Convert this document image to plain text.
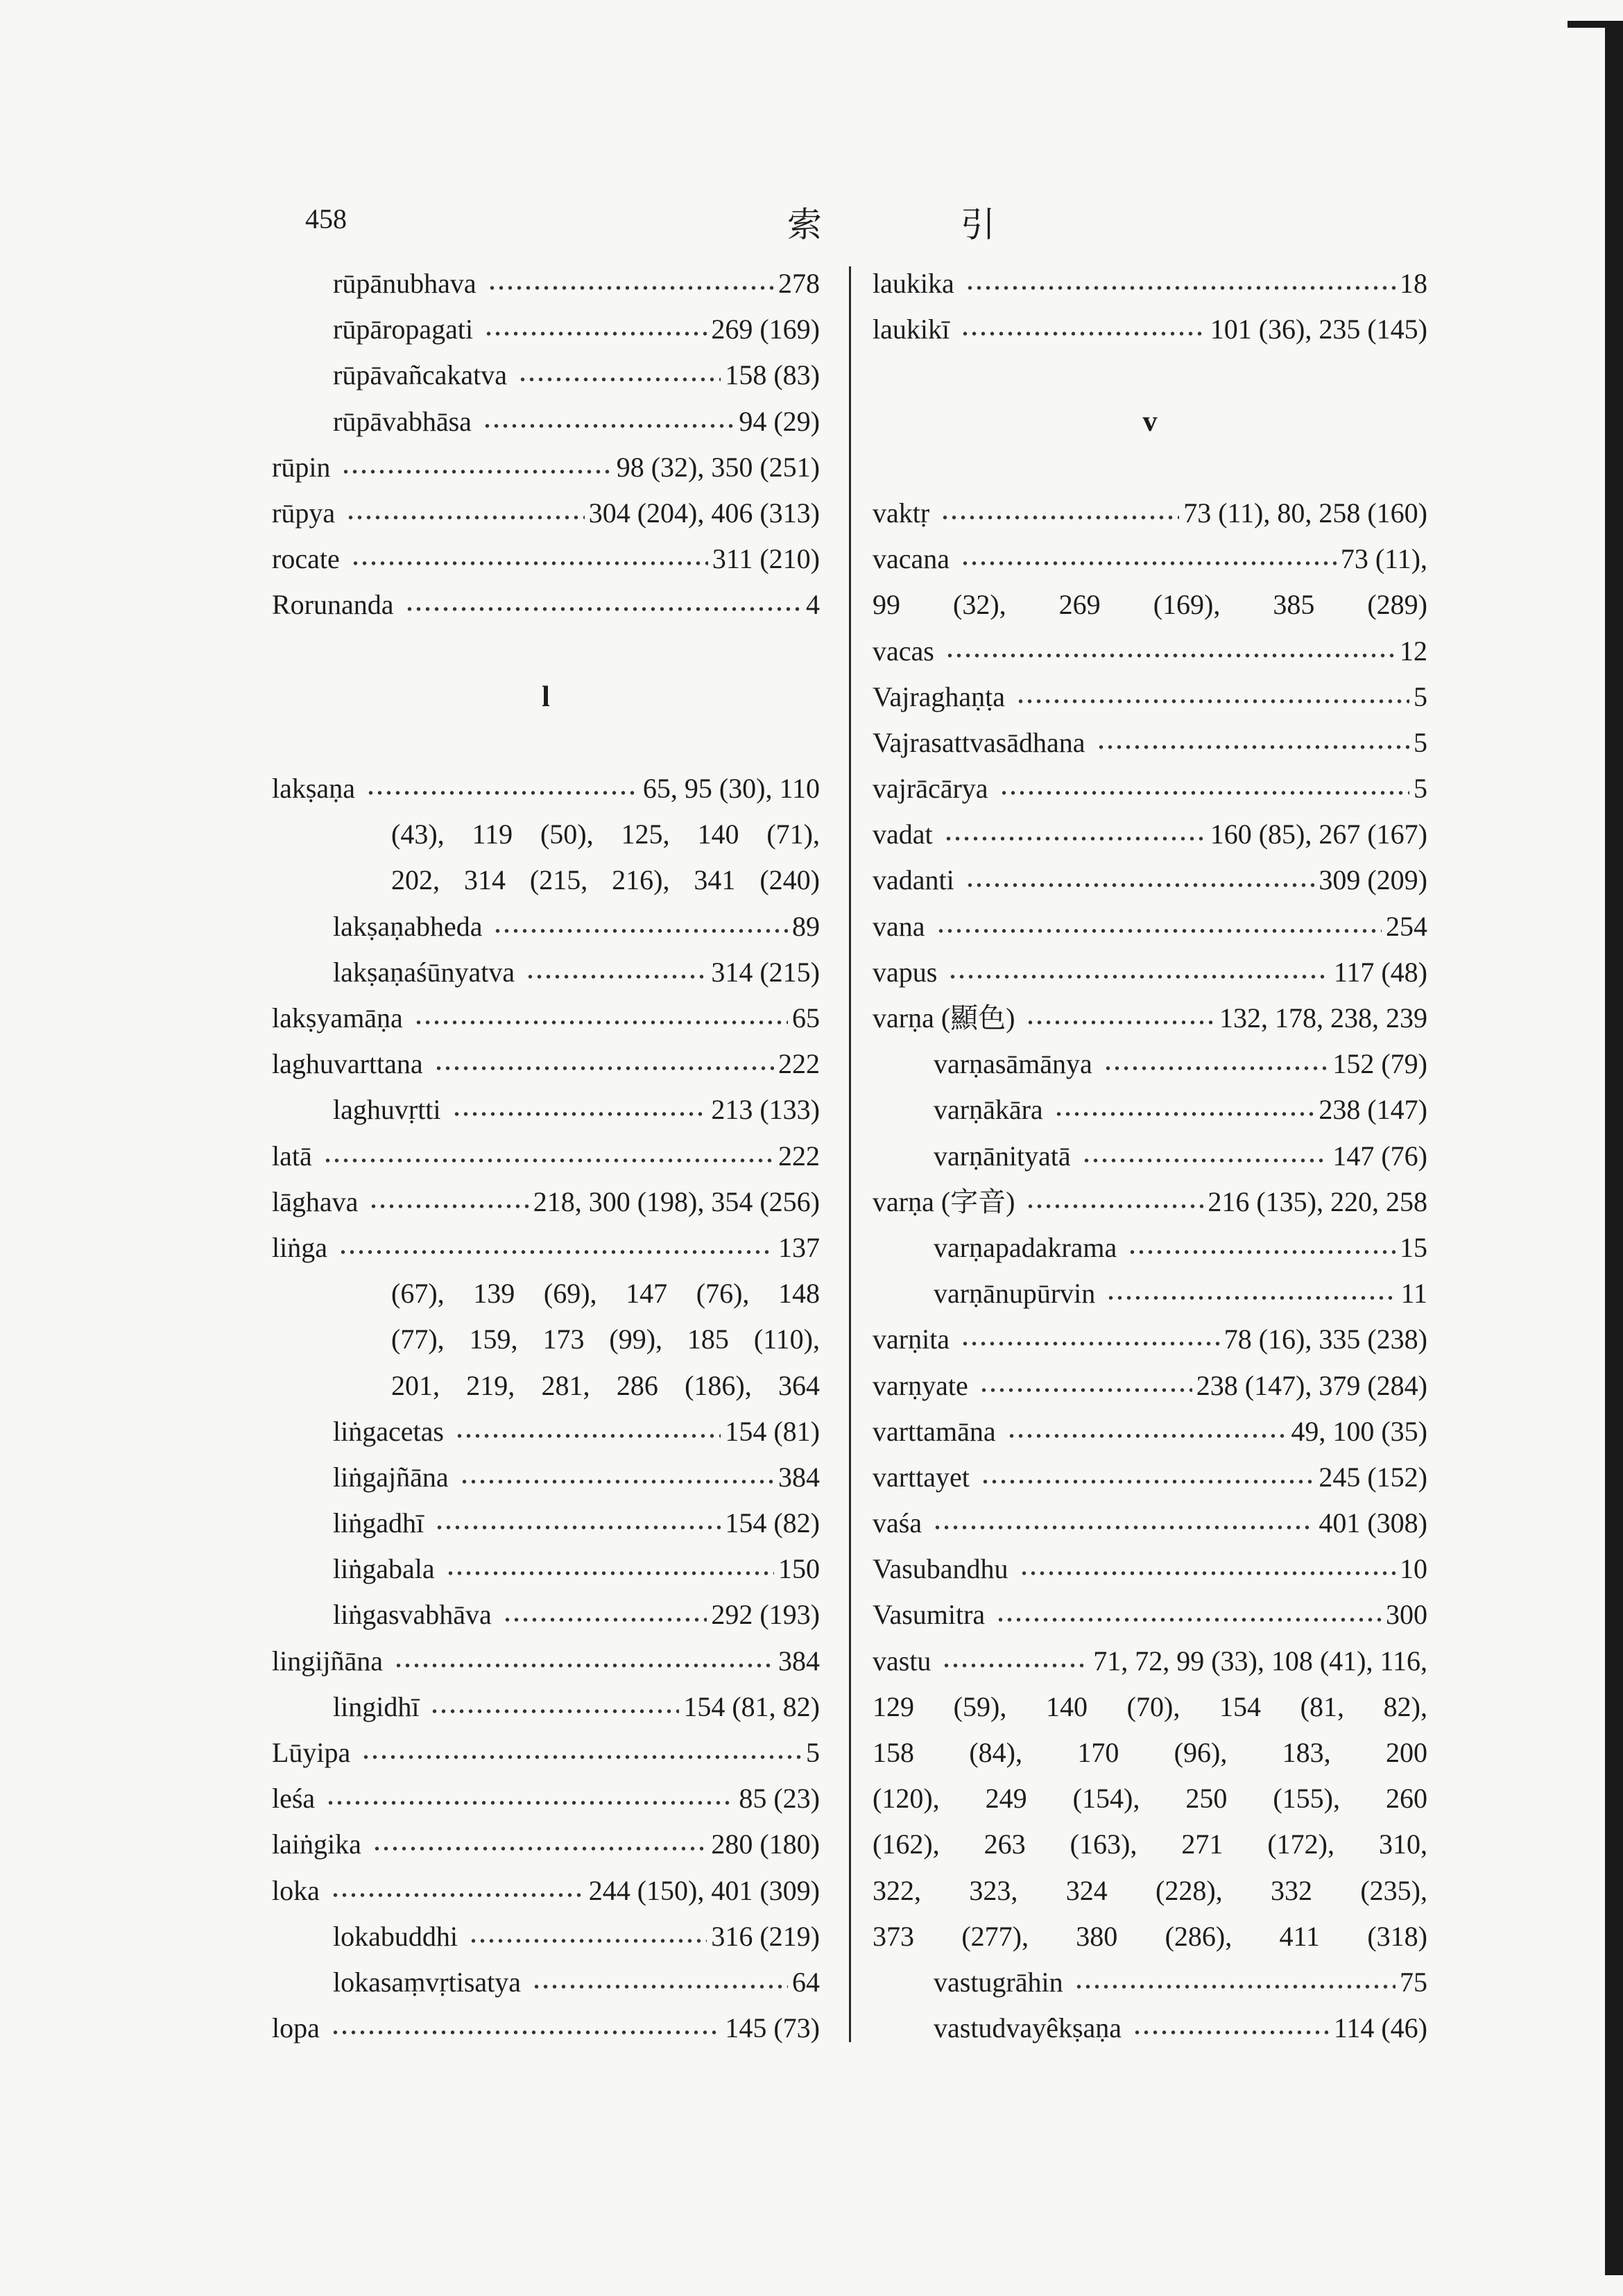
458	索 引
rūpānubhava	278
rūpāropagati	269 (169)
rūpāvañcakatva	158 (83)
rūpāvabhāsa	94 (29)
rūpin	98 (32), 350 (251)
rūpya	304 (204), 406 (313)
rocate	311 (210)
Rorunanda	4
l
lakṣaṇa	65, 95 (30), 110
(43), 119 (50), 125, 140 (71),
202, 314 (215, 216), 341 (240)
lakṣaṇabheda	89
lakṣaṇaśūnyatva	314 (215)
lakṣyamāṇa	65
laghuvarttana	222
laghuvṛtti	213 (133)
latā	222
lāghava	218, 300 (198), 354 (256)
liṅga	137
(67), 139 (69), 147 (76), 148
(77), 159, 173 (99), 185 (110),
201, 219, 281, 286 (186), 364
liṅgacetas	154 (81)
liṅgajñāna	384
liṅgadhī	154 (82)
liṅgabala	150
liṅgasvabhāva	292 (193)
lingijñāna	384
lingidhī	154 (81, 82)
Lūyipa	5
leśa	85 (23)
laiṅgika	280 (180)
loka	244 (150), 401 (309)
lokabuddhi	316 (219)
lokasaṃvṛtisatya	64
lopa	145 (73)
laukika	18
laukikī	101 (36), 235 (145)
v
vaktṛ	73 (11), 80, 258 (160)
vacana	73 (11),
99 (32), 269 (169), 385 (289)
vacas	12
Vajraghaṇṭa	5
Vajrasattvasādhana	5
vajrācārya	5
vadat	160 (85), 267 (167)
vadanti	309 (209)
vana	254
vapus	117 (48)
varṇa (顯色)	132, 178, 238, 239
varṇasāmānya	152 (79)
varṇākāra	238 (147)
varṇānityatā	147 (76)
varṇa (字音)	216 (135), 220, 258
varṇapadakrama	15
varṇānupūrvin	11
varṇita	78 (16), 335 (238)
varṇyate	238 (147), 379 (284)
varttamāna	49, 100 (35)
varttayet	245 (152)
vaśa	401 (308)
Vasubandhu	10
Vasumitra	300
vastu	71, 72, 99 (33), 108 (41), 116,
129 (59), 140 (70), 154 (81, 82),
158 (84), 170 (96), 183, 200
(120), 249 (154), 250 (155), 260
(162), 263 (163), 271 (172), 310,
322, 323, 324 (228), 332 (235),
373 (277), 380 (286), 411 (318)
vastugrāhin	75
vastudvayêkṣaṇa	114 (46)
